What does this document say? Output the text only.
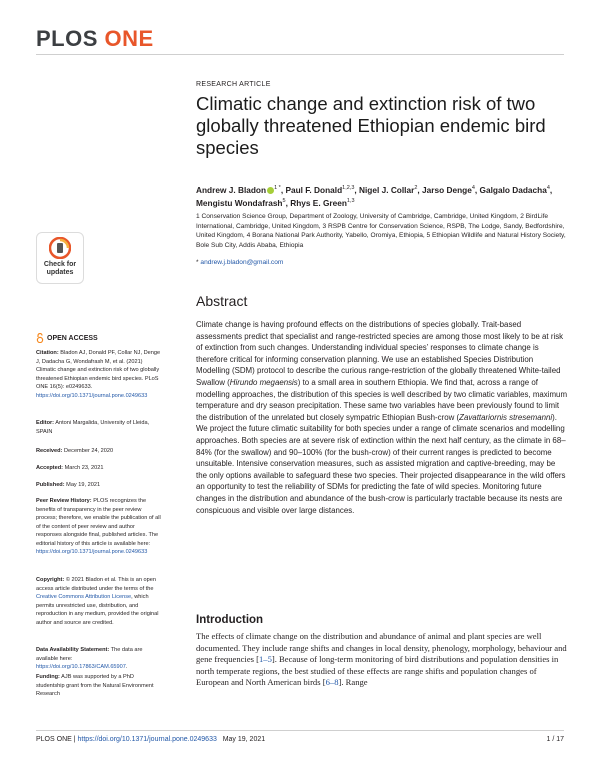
PLOS ONE
Check for updates
OPEN ACCESS
Citation: Bladon AJ, Donald PF, Collar NJ, Denge J, Dadacha G, Wondafrash M, et al. (2021) Climatic change and extinction risk of two globally threatened Ethiopian endemic bird species. PLoS ONE 16(5): e0249633. https://doi.org/10.1371/journal.pone.0249633
Editor: Antoni Margalida, University of Lleida, SPAIN
Received: December 24, 2020
Accepted: March 23, 2021
Published: May 19, 2021
Peer Review History: PLOS recognizes the benefits of transparency in the peer review process; therefore, we enable the publication of all of the content of peer review and author responses alongside final, published articles. The editorial history of this article is available here: https://doi.org/10.1371/journal.pone.0249633
Copyright: © 2021 Bladon et al. This is an open access article distributed under the terms of the Creative Commons Attribution License, which permits unrestricted use, distribution, and reproduction in any medium, provided the original author and source are credited.
Data Availability Statement: The data are available here: https://doi.org/10.17863/CAM.65907.
Funding: AJB was supported by a PhD studentship grant from the Natural Environment Research
RESEARCH ARTICLE
Climatic change and extinction risk of two globally threatened Ethiopian endemic bird species
Andrew J. Bladon $^{1 *}$, Paul F. Donald$^{1,2,3}$, Nigel J. Collar$^2$, Jarso Denge$^4$, Galgalo Dadacha$^4$, Mengistu Wondafrash$^5$, Rhys E. Green$^{1,3}$
1 Conservation Science Group, Department of Zoology, University of Cambridge, Cambridge, United Kingdom, 2 BirdLife International, Cambridge, United Kingdom, 3 RSPB Centre for Conservation Science, RSPB, The Lodge, Sandy, Bedfordshire, United Kingdom, 4 Borana National Park Authority, Yabello, Oromiya, Ethiopia, 5 Ethiopian Wildlife and Natural History Society, Bole Sub City, Addis Ababa, Ethiopia
* andrew.j.bladon@gmail.com
Abstract
Climate change is having profound effects on the distributions of species globally. Trait-based assessments predict that specialist and range-restricted species are among those most likely to be at risk of extinction from such changes. Understanding individual species’ responses to climate change is therefore critical for informing conservation planning. We use an established Species Distribution Modelling (SDM) protocol to describe the curious range-restriction of the globally threatened White-tailed Swallow (Hirundo megaensis) to a small area in southern Ethiopia. We find that, across a range of modelling approaches, the distribution of this species is well described by two climatic variables, maximum temperature and dry season precipitation. These same two variables have been previously found to limit the distribution of the unrelated but closely sympatric Ethiopian Bush-crow (Zavattariornis stresemanni). We project the future climatic suitability for both species under a range of climate scenarios and modelling approaches. Both species are at severe risk of extinction within the next half century, as the climate in 68–84% (for the swallow) and 90–100% (for the bush-crow) of their current ranges is predicted to become unsuitable. Intensive conservation measures, such as assisted migration and captive-breeding, may be the only options available to safeguard these two species. Their projected disappearance in the wild offers an opportunity to test the reliability of SDMs for predicting the fate of wild species. Monitoring future changes in the distribution and abundance of the bush-crow is particularly tractable because its nests are conspicuous and visible over large distances.
Introduction
The effects of climate change on the distribution and abundance of animal and plant species are well documented. They include range shifts and changes in local density, phenology, morphology, behaviour and gene frequencies [1–5]. Because of long-term monitoring of bird distributions and population densities in north temperate regions, the best studied of these effects are range shifts and population changes of European and North American birds [6–8]. Range
PLOS ONE | https://doi.org/10.1371/journal.pone.0249633 May 19, 2021	1 / 17
